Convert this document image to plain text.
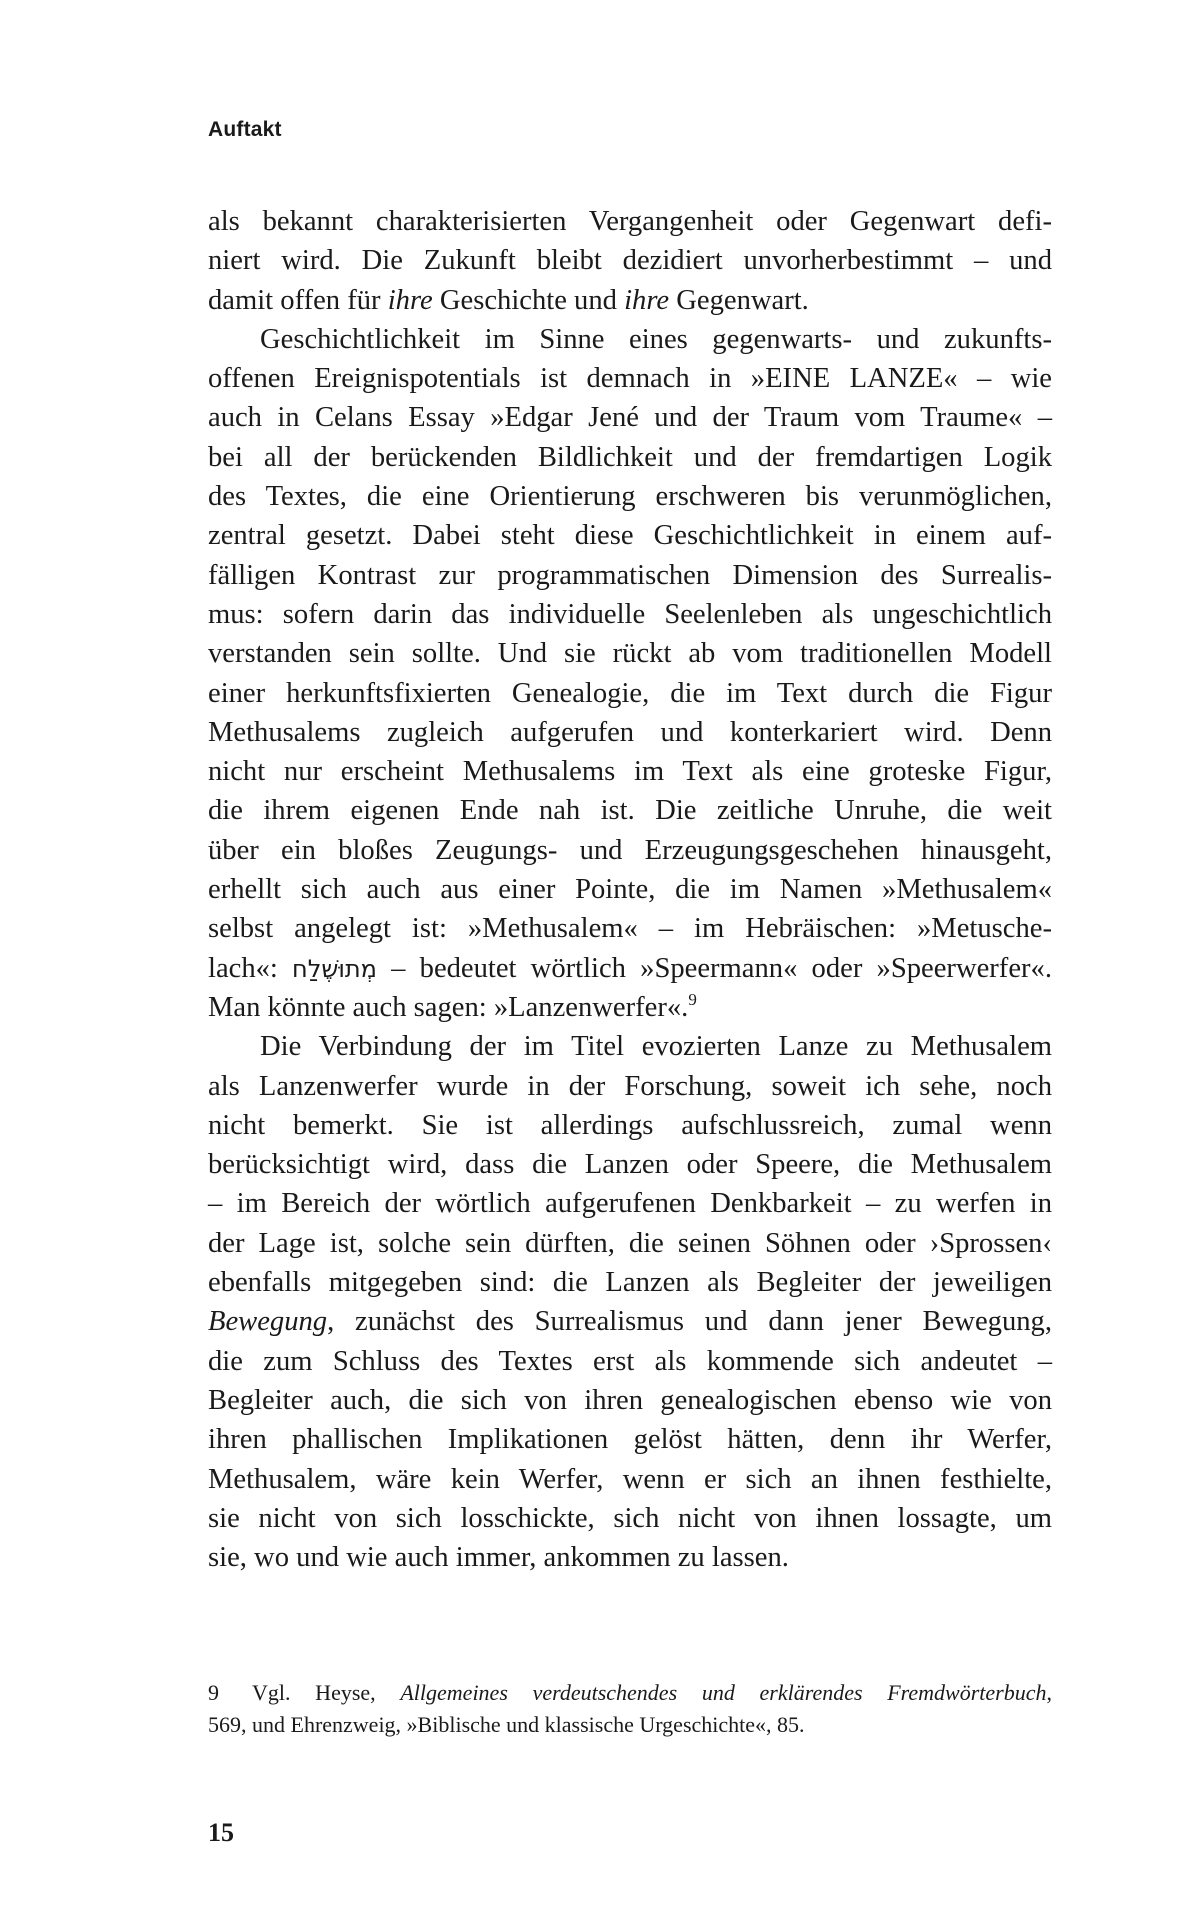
Auftakt
als bekannt charakterisierten Vergangenheit oder Gegenwart defi-
niert wird. Die Zukunft bleibt dezidiert unvorherbestimmt – und
damit offen für ihre Geschichte und ihre Gegenwart.
Geschichtlichkeit im Sinne eines gegenwarts- und zukunfts-
offenen Ereignispotentials ist demnach in »EINE LANZE« – wie
auch in Celans Essay »Edgar Jené und der Traum vom Traume« –
bei all der berückenden Bildlichkeit und der fremdartigen Logik
des Textes, die eine Orientierung erschweren bis verunmöglichen,
zentral gesetzt. Dabei steht diese Geschichtlichkeit in einem auf-
fälligen Kontrast zur programmatischen Dimension des Surrealis-
mus: sofern darin das individuelle Seelenleben als ungeschichtlich
verstanden sein sollte. Und sie rückt ab vom traditionellen Modell
einer herkunftsfixierten Genealogie, die im Text durch die Figur
Methusalems zugleich aufgerufen und konterkariert wird. Denn
nicht nur erscheint Methusalems im Text als eine groteske Figur,
die ihrem eigenen Ende nah ist. Die zeitliche Unruhe, die weit
über ein bloßes Zeugungs- und Erzeugungsgeschehen hinausgeht,
erhellt sich auch aus einer Pointe, die im Namen »Methusalem«
selbst angelegt ist: »Methusalem« – im Hebräischen: »Metusche-
lach«: מְתוּשֶׁלַח – bedeutet wörtlich »Speermann« oder »Speerwerfer«.
Man könnte auch sagen: »Lanzenwerfer«.$^9$
Die Verbindung der im Titel evozierten Lanze zu Methusalem
als Lanzenwerfer wurde in der Forschung, soweit ich sehe, noch
nicht bemerkt. Sie ist allerdings aufschlussreich, zumal wenn
berücksichtigt wird, dass die Lanzen oder Speere, die Methusalem
– im Bereich der wörtlich aufgerufenen Denkbarkeit – zu werfen in
der Lage ist, solche sein dürften, die seinen Söhnen oder ›Sprossen‹
ebenfalls mitgegeben sind: die Lanzen als Begleiter der jeweiligen
Bewegung, zunächst des Surrealismus und dann jener Bewegung,
die zum Schluss des Textes erst als kommende sich andeutet –
Begleiter auch, die sich von ihren genealogischen ebenso wie von
ihren phallischen Implikationen gelöst hätten, denn ihr Werfer,
Methusalem, wäre kein Werfer, wenn er sich an ihnen festhielte,
sie nicht von sich losschickte, sich nicht von ihnen lossagte, um
sie, wo und wie auch immer, ankommen zu lassen.
9 Vgl. Heyse, Allgemeines verdeutschendes und erklärendes Fremdwörterbuch,
569, und Ehrenzweig, »Biblische und klassische Urgeschichte«, 85.
15
